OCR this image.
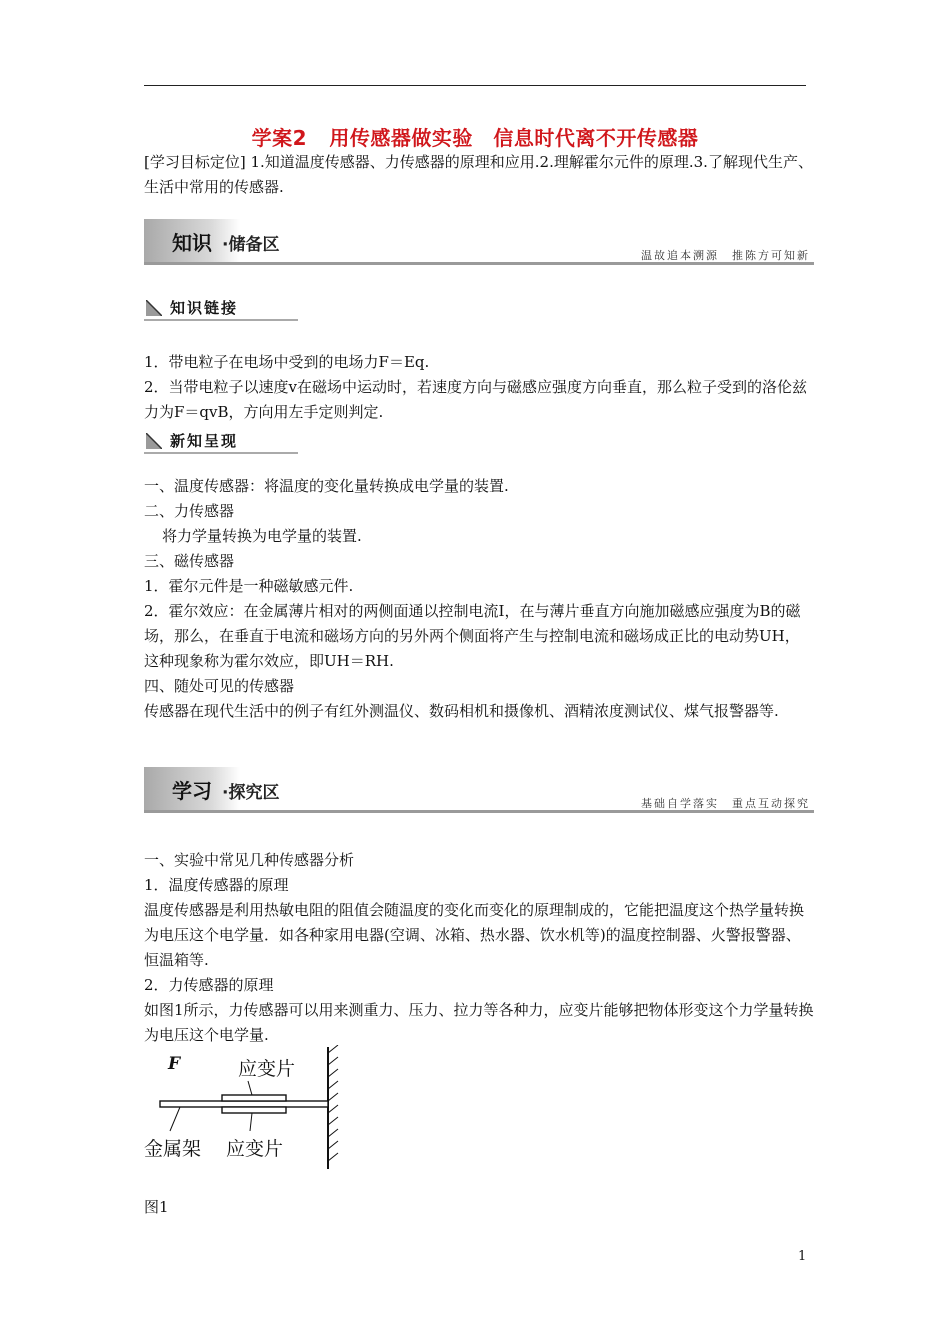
学案2 用传感器做实验　信息时代离不开传感器

[学习目标定位] 1.知道温度传感器、力传感器的原理和应用.2.理解霍尔元件的原理.3.了解现代生产、生活中常用的传感器.

知识 ·储备区
温故追本溯源　推陈方可知新
知识链接

1．带电粒子在电场中受到的电场力F＝Eq.

2．当带电粒子以速度v在磁场中运动时，若速度方向与磁感应强度方向垂直，那么粒子受到的洛伦兹力为F＝qvB，方向用左手定则判定.

新知呈现

一、温度传感器：将温度的变化量转换成电学量的装置.

二、力传感器

将力学量转换为电学量的装置.

三、磁传感器

1．霍尔元件是一种磁敏感元件.

2．霍尔效应：在金属薄片相对的两侧面通以控制电流I，在与薄片垂直方向施加磁感应强度为B的磁场，那么，在垂直于电流和磁场方向的另外两个侧面将产生与控制电流和磁场成正比的电动势UH，这种现象称为霍尔效应，即UH＝RH.

四、随处可见的传感器

传感器在现代生活中的例子有红外测温仪、数码相机和摄像机、酒精浓度测试仪、煤气报警器等.

学习 ·探究区
基础自学落实　重点互动探究

一、实验中常见几种传感器分析

1．温度传感器的原理

温度传感器是利用热敏电阻的阻值会随温度的变化而变化的原理制成的，它能把温度这个热学量转换为电压这个电学量．如各种家用电器(空调、冰箱、热水器、饮水机等)的温度控制器、火警报警器、恒温箱等.

2．力传感器的原理

如图1所示，力传感器可以用来测重力、压力、拉力等各种力，应变片能够把物体形变这个力学量转换为电压这个电学量.

F	应变片
金属架 应变片

图1

1
